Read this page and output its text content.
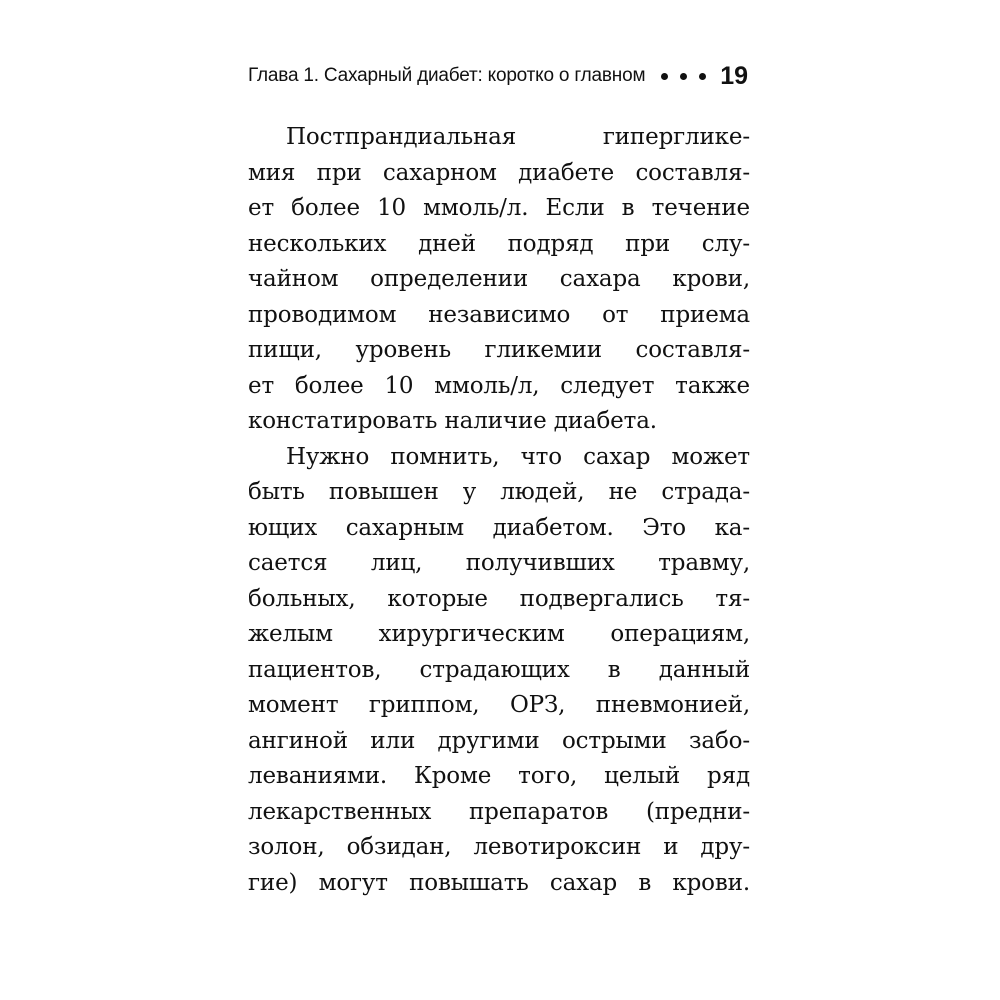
Глава 1. Сахарный диабет: коротко о главном	19
Постпрандиальная гипергликe-
мия при сахарном диабете составля-
ет более 10 ммоль/л. Если в течение
нескольких дней подряд при слу-
чайном определении сахара крови,
проводимом независимо от приема
пищи, уровень гликемии составля-
ет более 10 ммоль/л, следует также
констатировать наличие диабета.
Нужно помнить, что сахар может
быть повышен у людей, не страда-
ющих сахарным диабетом. Это ка-
сается лиц, получивших травму,
больных, которые подвергались тя-
желым хирургическим операциям,
пациентов, страдающих в данный
момент гриппом, ОРЗ, пневмонией,
ангиной или другими острыми забо-
леваниями. Кроме того, целый ряд
лекарственных препаратов (предни-
золон, обзидан, левотироксин и дру-
гие) могут повышать сахар в крови.
